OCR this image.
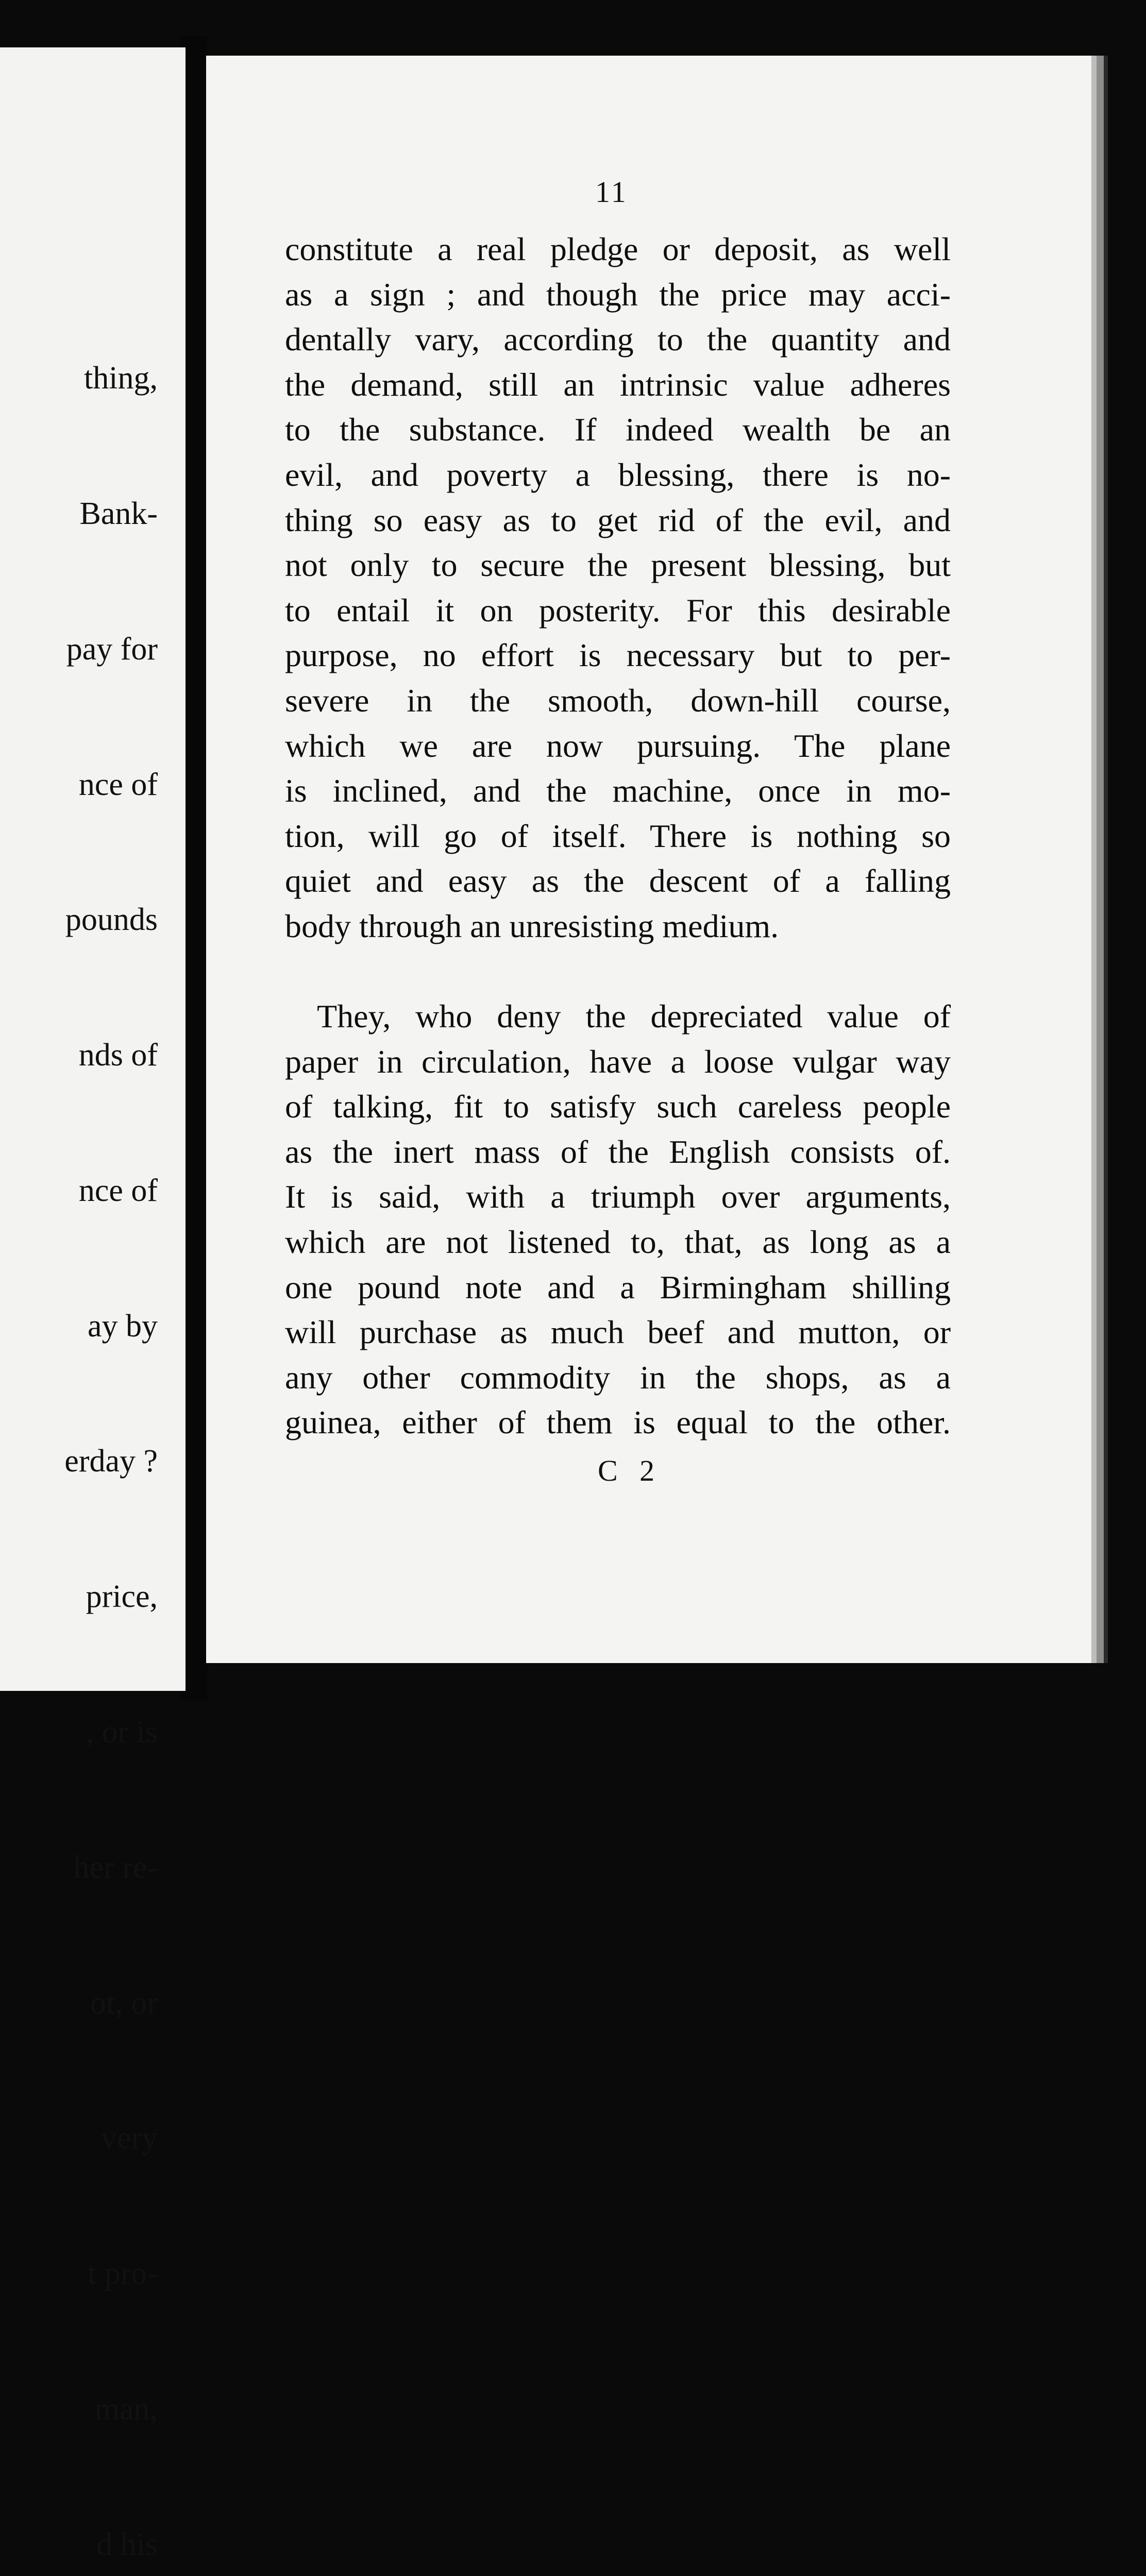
thing,

Bank-

pay for

nce of

pounds

nds of

nce of

ay by

erday ?

price,

, or is

her re-

ot, or

very

t pro-

man,

d his

11

constitute a real pledge or deposit, as well
as a sign ; and though the price may acci-
dentally vary, according to the quantity and
the demand, still an intrinsic value adheres
to the substance. If indeed wealth be an
evil, and poverty a blessing, there is no-
thing so easy as to get rid of the evil, and
not only to secure the present blessing, but
to entail it on posterity. For this desirable
purpose, no effort is necessary but to per-
severe in the smooth, down-hill course,
which we are now pursuing. The plane
is inclined, and the machine, once in mo-
tion, will go of itself. There is nothing so
quiet and easy as the descent of a falling
body through an unresisting medium.

They, who deny the depreciated value of
paper in circulation, have a loose vulgar way
of talking, fit to satisfy such careless people
as the inert mass of the English consists of.
It is said, with a triumph over arguments,
which are not listened to, that, as long as a
one pound note and a Birmingham shilling
will purchase as much beef and mutton, or
any other commodity in the shops, as a
guinea, either of them is equal to the other.

C 2
